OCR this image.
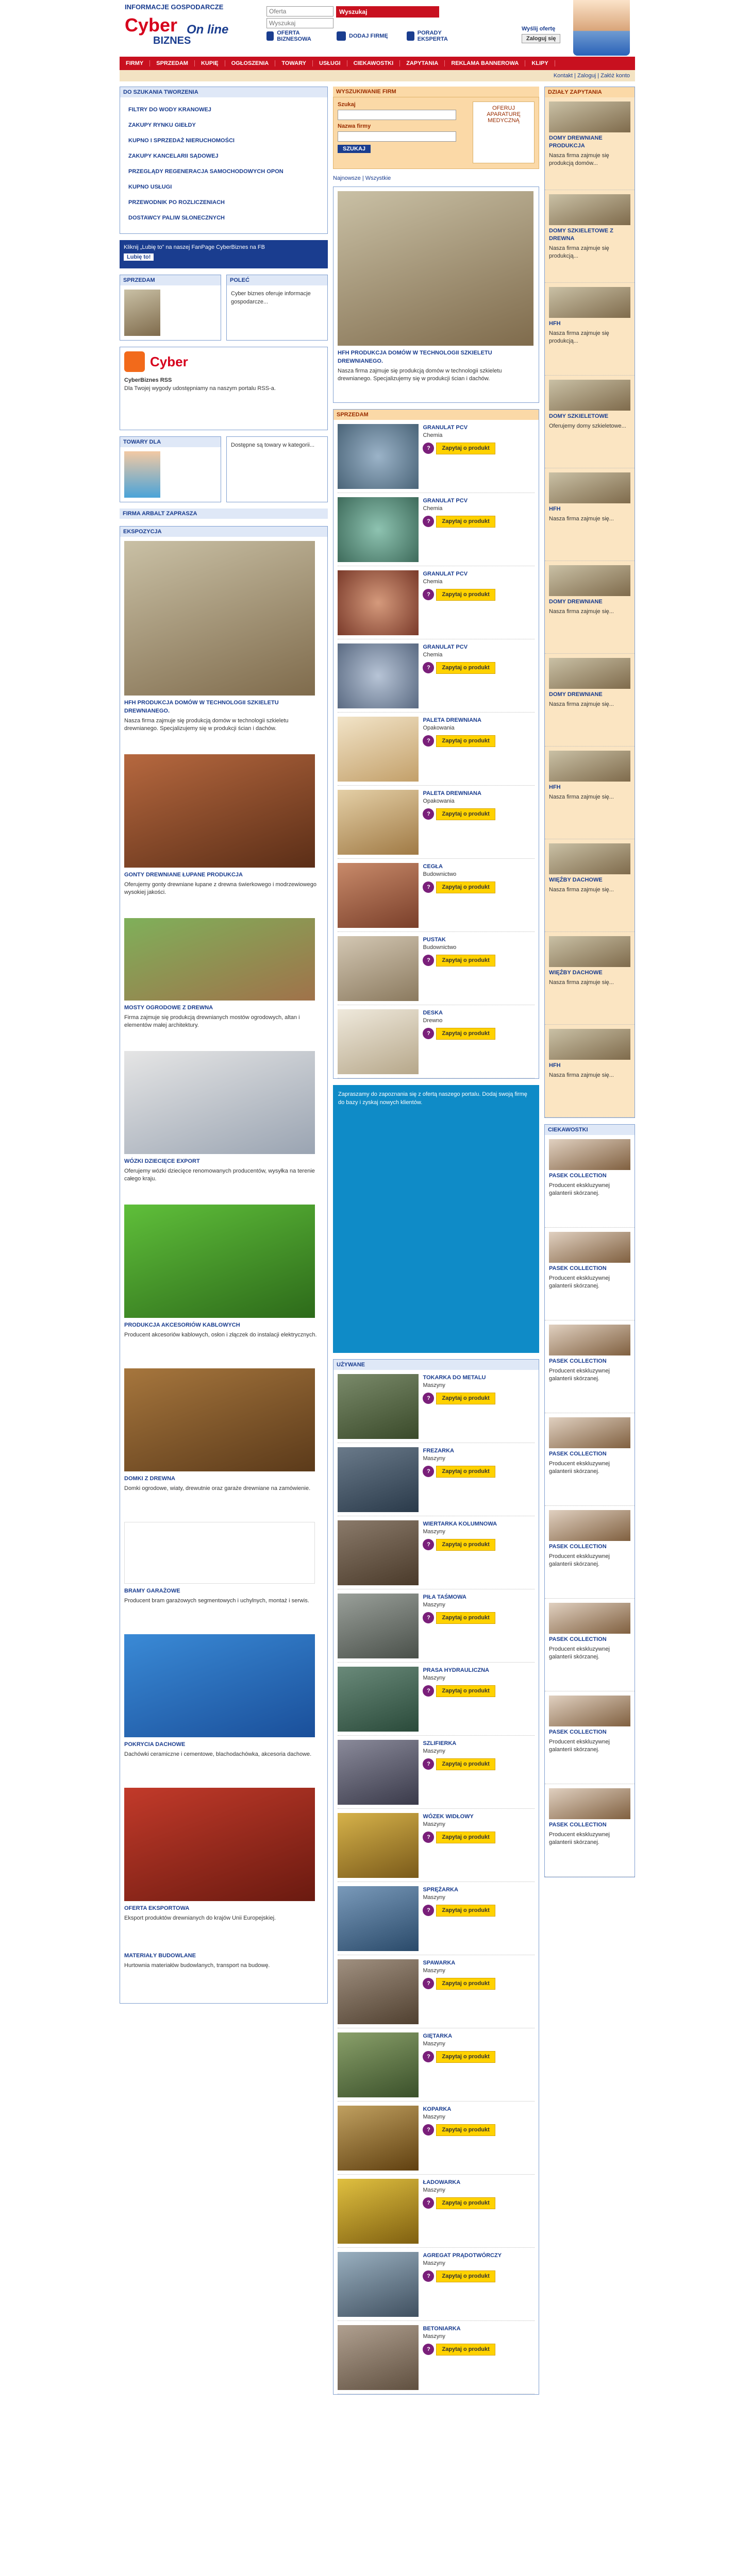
INFORMACJE GOSPODARCZE
Cyber On line
BIZNES
Oferta Wyszukaj
Wyszukaj
OFERTA BIZNESOWA	DODAJ FIRMĘ	PORADY EKSPERTA
Wyślij ofertę
Zaloguj się
FIRMY	SPRZEDAM	KUPIĘ	OGŁOSZENIA	TOWARY	USŁUGI	CIEKAWOSTKI	ZAPYTANIA	REKLAMA BANNEROWA	KLIPY
Kontakt | Zaloguj | Załóż konto
DO SZUKANIA TWORZENIA
FILTRY DO WODY KRANOWEJ
ZAKUPY RYNKU GIEŁDY
KUPNO I SPRZEDAŻ NIERUCHOMOŚCI
ZAKUPY KANCELARII SĄDOWEJ
PRZEGLĄDY REGENERACJA SAMOCHODOWYCH OPON
KUPNO USŁUGI
PRZEWODNIK PO ROZLICZENIACH
DOSTAWCY PALIW SŁONECZNYCH
Kliknij „Lubię to” na naszej FanPage CyberBiznes na FB
Lubię to!
SPRZEDAM	POLEĆ
Cyber biznes oferuje informacje gospodarcze...
Cyber
CyberBiznes RSS
Dla Twojej wygody udostępniamy na naszym portalu RSS-a.
TOWARY DLA	Dostępne są towary w kategorii...
FIRMA ARBALT ZAPRASZA
EKSPOZYCJA
HFH PRODUKCJA DOMÓW W TECHNOLOGII SZKIELETU DREWNIANEGO.
Nasza firma zajmuje się produkcją domów w technologii szkieletu drewnianego. Specjalizujemy się w produkcji ścian i dachów.
GONTY DREWNIANE ŁUPANE PRODUKCJA
Oferujemy gonty drewniane łupane z drewna świerkowego i modrzewiowego wysokiej jakości.
MOSTY OGRODOWE Z DREWNA
Firma zajmuje się produkcją drewnianych mostów ogrodowych, altan i elementów małej architektury.
WÓZKI DZIECIĘCE EXPORT
Oferujemy wózki dziecięce renomowanych producentów, wysyłka na terenie całego kraju.
PRODUKCJA AKCESORIÓW KABLOWYCH
Producent akcesoriów kablowych, osłon i złączek do instalacji elektrycznych.
DOMKI Z DREWNA
Domki ogrodowe, wiaty, drewutnie oraz garaże drewniane na zamówienie.
BRAMY GARAŻOWE
Producent bram garażowych segmentowych i uchylnych, montaż i serwis.
POKRYCIA DACHOWE
Dachówki ceramiczne i cementowe, blachodachówka, akcesoria dachowe.
OFERTA EKSPORTOWA
Eksport produktów drewnianych do krajów Unii Europejskiej.
MATERIAŁY BUDOWLANE
Hurtownia materiałów budowlanych, transport na budowę.
WYSZUKIWANIE FIRM
Szukaj
Nazwa firmy
SZUKAJ
OFERUJ APARATURĘ MEDYCZNĄ
Najnowsze | Wszystkie
HFH PRODUKCJA DOMÓW W TECHNOLOGII SZKIELETU DREWNIANEGO.
Nasza firma zajmuje się produkcją domów w technologii szkieletu drewnianego. Specjalizujemy się w produkcji ścian i dachów.
SPRZEDAM
GRANULAT PCV
Chemia
? Zapytaj o produkt
GRANULAT PCV
Chemia
? Zapytaj o produkt
GRANULAT PCV
Chemia
? Zapytaj o produkt
GRANULAT PCV
Chemia
? Zapytaj o produkt
PALETA DREWNIANA
Opakowania
? Zapytaj o produkt
PALETA DREWNIANA
Opakowania
? Zapytaj o produkt
CEGŁA
Budownictwo
? Zapytaj o produkt
PUSTAK
Budownictwo
? Zapytaj o produkt
DESKA
Drewno
? Zapytaj o produkt
Zapraszamy do zapoznania się z ofertą naszego portalu. Dodaj swoją firmę do bazy i zyskaj nowych klientów.
UŻYWANE
TOKARKA DO METALU
Maszyny
? Zapytaj o produkt
FREZARKA
Maszyny
? Zapytaj o produkt
WIERTARKA KOLUMNOWA
Maszyny
? Zapytaj o produkt
PIŁA TAŚMOWA
Maszyny
? Zapytaj o produkt
PRASA HYDRAULICZNA
Maszyny
? Zapytaj o produkt
SZLIFIERKA
Maszyny
? Zapytaj o produkt
WÓZEK WIDŁOWY
Maszyny
? Zapytaj o produkt
SPRĘŻARKA
Maszyny
? Zapytaj o produkt
SPAWARKA
Maszyny
? Zapytaj o produkt
GIĘTARKA
Maszyny
? Zapytaj o produkt
KOPARKA
Maszyny
? Zapytaj o produkt
ŁADOWARKA
Maszyny
? Zapytaj o produkt
AGREGAT PRĄDOTWÓRCZY
Maszyny
? Zapytaj o produkt
BETONIARKA
Maszyny
? Zapytaj o produkt
DZIAŁY ZAPYTANIA
DOMY DREWNIANE PRODUKCJA
Nasza firma zajmuje się produkcją domów...
DOMY SZKIELETOWE Z DREWNA
Nasza firma zajmuje się produkcją...
HFH
Nasza firma zajmuje się produkcją...
DOMY SZKIELETOWE
Oferujemy domy szkieletowe...
HFH
Nasza firma zajmuje się...
DOMY DREWNIANE
Nasza firma zajmuje się...
DOMY DREWNIANE
Nasza firma zajmuje się...
HFH
Nasza firma zajmuje się...
WIĘŹBY DACHOWE
Nasza firma zajmuje się...
WIĘŹBY DACHOWE
Nasza firma zajmuje się...
HFH
Nasza firma zajmuje się...
CIEKAWOSTKI
PASEK COLLECTION
Producent ekskluzywnej galanterii skórzanej.
PASEK COLLECTION
Producent ekskluzywnej galanterii skórzanej.
PASEK COLLECTION
Producent ekskluzywnej galanterii skórzanej.
PASEK COLLECTION
Producent ekskluzywnej galanterii skórzanej.
PASEK COLLECTION
Producent ekskluzywnej galanterii skórzanej.
PASEK COLLECTION
Producent ekskluzywnej galanterii skórzanej.
PASEK COLLECTION
Producent ekskluzywnej galanterii skórzanej.
PASEK COLLECTION
Producent ekskluzywnej galanterii skórzanej.
